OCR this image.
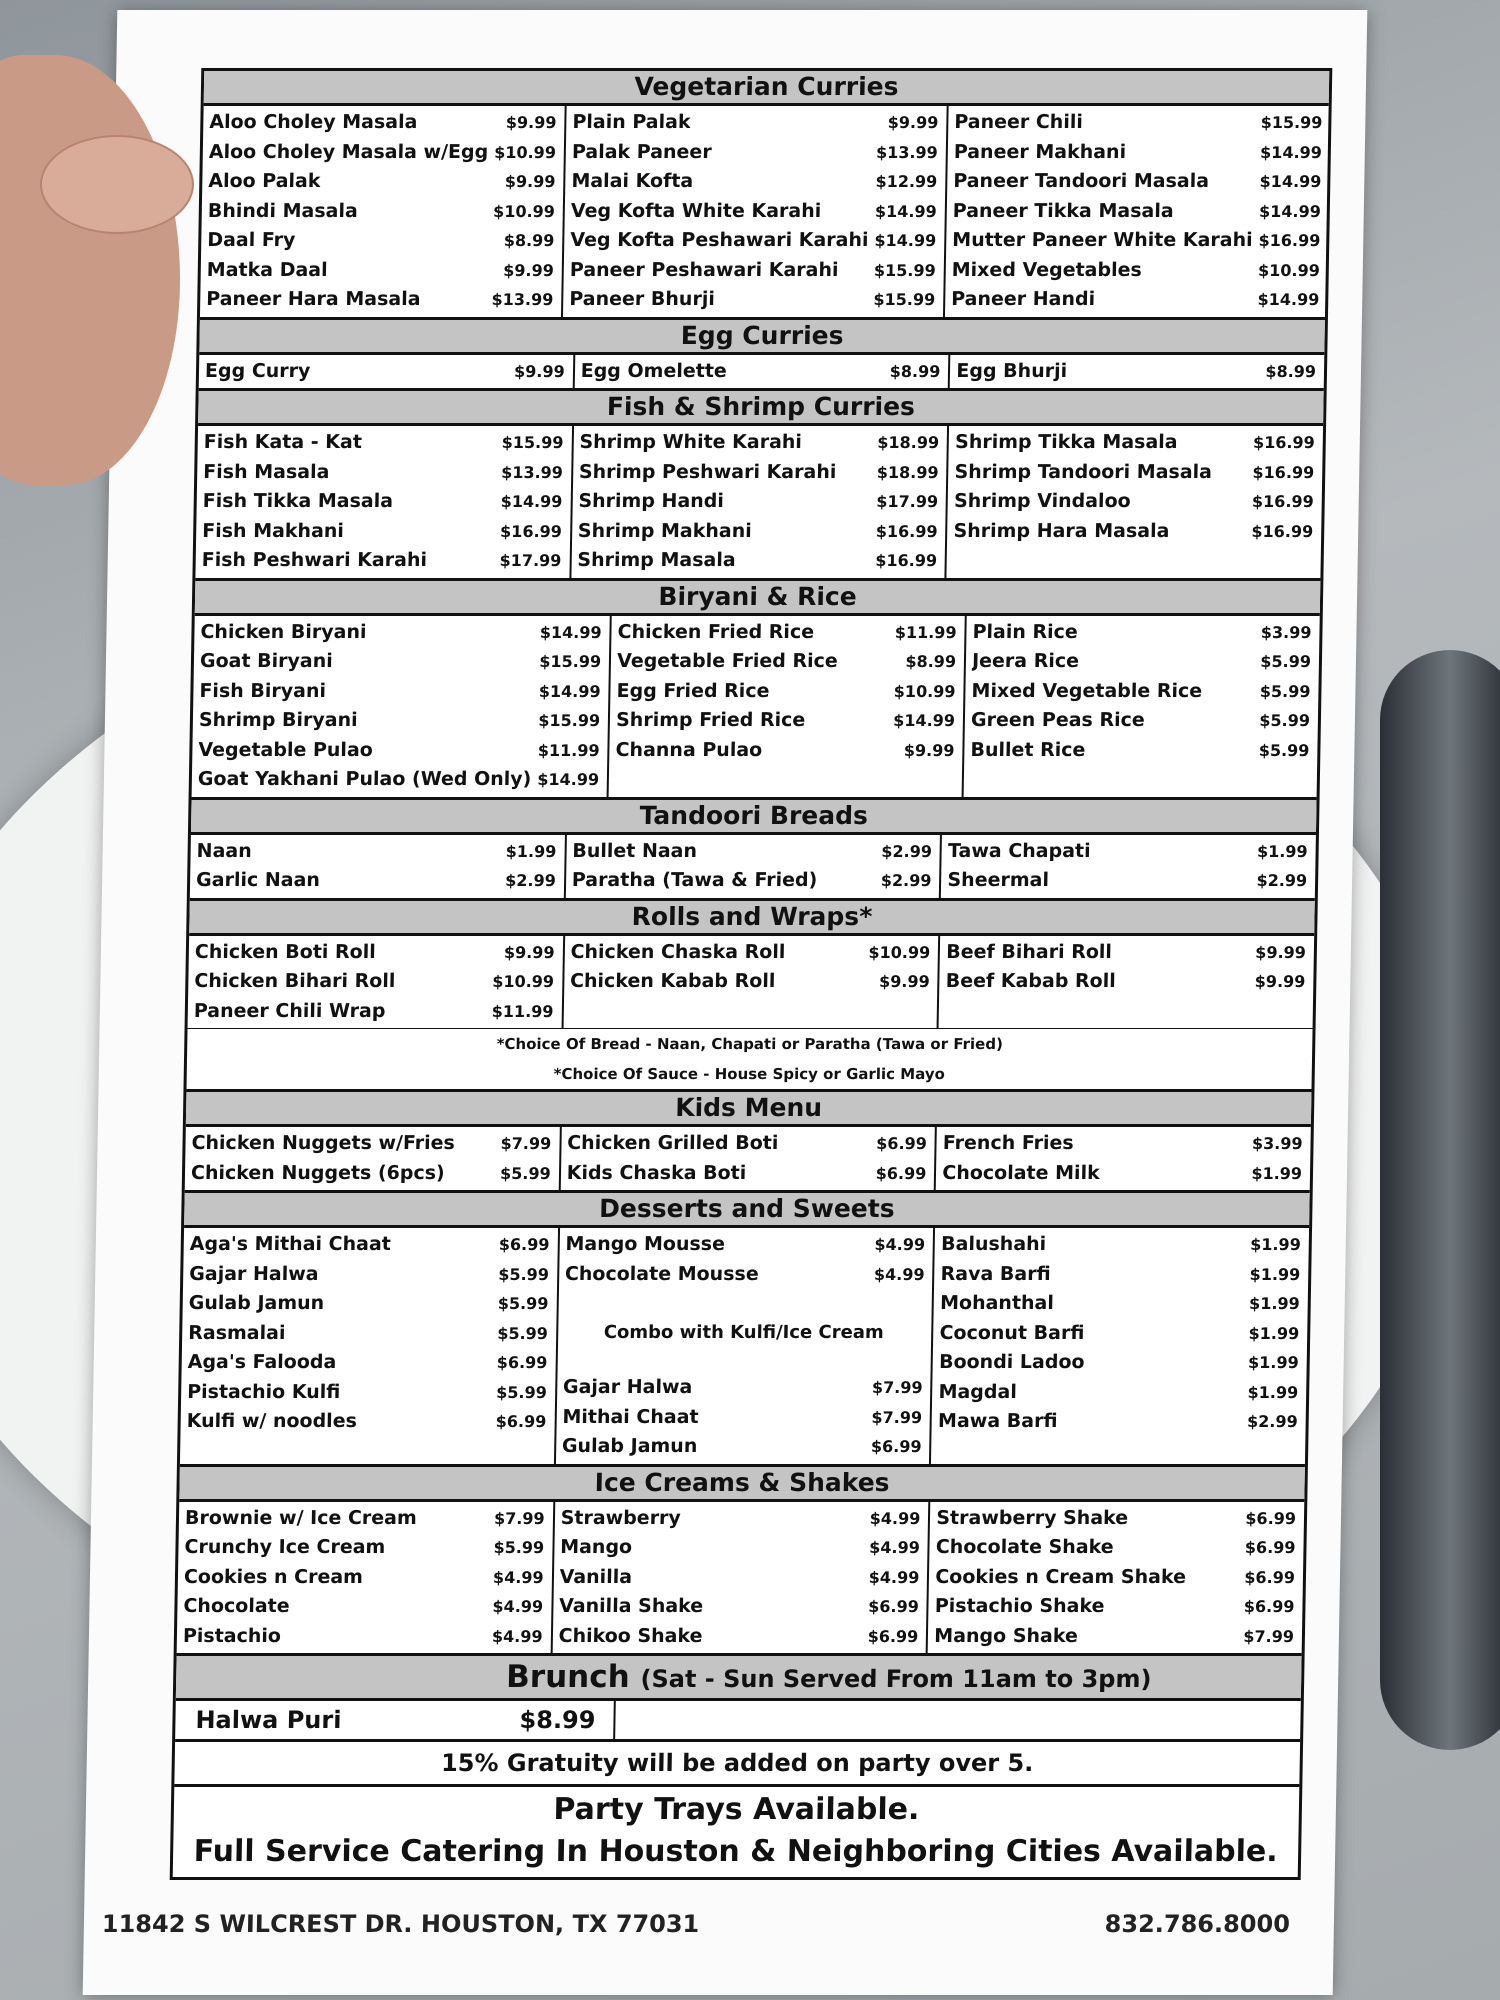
Vegetarian Curries
Aloo Choley Masala	$9.99
Aloo Choley Masala w/Egg $10.99
Aloo Palak	$9.99
Bhindi Masala	$10.99
Daal Fry	$8.99
Matka Daal	$9.99
Paneer Hara Masala	$13.99
Plain Palak	$9.99
Palak Paneer	$13.99
Malai Kofta	$12.99
Veg Kofta White Karahi	$14.99
Veg Kofta Peshawari Karahi $14.99
Paneer Peshawari Karahi $15.99
Paneer Bhurji	$15.99
Paneer Chili	$15.99
Paneer Makhani	$14.99
Paneer Tandoori Masala	$14.99
Paneer Tikka Masala	$14.99
Mutter Paneer White Karahi $16.99
Mixed Vegetables	$10.99
Paneer Handi	$14.99
Egg Curries
Egg Curry	$9.99 Egg Omelette	$8.99 Egg Bhurji	$8.99
Fish & Shrimp Curries
Fish Kata - Kat	$15.99
Fish Masala	$13.99
Fish Tikka Masala	$14.99
Fish Makhani	$16.99
Fish Peshwari Karahi	$17.99
Shrimp White Karahi	$18.99
Shrimp Peshwari Karahi	$18.99
Shrimp Handi	$17.99
Shrimp Makhani	$16.99
Shrimp Masala	$16.99
Shrimp Tikka Masala	$16.99
Shrimp Tandoori Masala	$16.99
Shrimp Vindaloo	$16.99
Shrimp Hara Masala	$16.99
Biryani & Rice
Chicken Biryani	$14.99
Goat Biryani	$15.99
Fish Biryani	$14.99
Shrimp Biryani	$15.99
Vegetable Pulao	$11.99
Goat Yakhani Pulao (Wed Only) $14.99
Chicken Fried Rice	$11.99
Vegetable Fried Rice	$8.99
Egg Fried Rice	$10.99
Shrimp Fried Rice	$14.99
Channa Pulao	$9.99
Plain Rice	$3.99
Jeera Rice	$5.99
Mixed Vegetable Rice	$5.99
Green Peas Rice	$5.99
Bullet Rice	$5.99
Tandoori Breads
Naan	$1.99
Garlic Naan	$2.99
Bullet Naan	$2.99
Paratha (Tawa & Fried)	$2.99
Tawa Chapati	$1.99
Sheermal	$2.99
Rolls and Wraps*
Chicken Boti Roll	$9.99
Chicken Bihari Roll	$10.99
Paneer Chili Wrap	$11.99
Chicken Chaska Roll	$10.99
Chicken Kabab Roll	$9.99
Beef Bihari Roll	$9.99
Beef Kabab Roll	$9.99
*Choice Of Bread - Naan, Chapati or Paratha (Tawa or Fried)
*Choice Of Sauce - House Spicy or Garlic Mayo
Kids Menu
Chicken Nuggets w/Fries	$7.99
Chicken Nuggets (6pcs)	$5.99
Chicken Grilled Boti	$6.99
Kids Chaska Boti	$6.99
French Fries	$3.99
Chocolate Milk	$1.99
Desserts and Sweets
Aga's Mithai Chaat	$6.99
Gajar Halwa	$5.99
Gulab Jamun	$5.99
Rasmalai	$5.99
Aga's Falooda	$6.99
Pistachio Kulfi	$5.99
Kulfi w/ noodles	$6.99
Mango Mousse	$4.99
Chocolate Mousse	$4.99
Combo with Kulfi/Ice Cream
Gajar Halwa	$7.99
Mithai Chaat	$7.99
Gulab Jamun	$6.99
Balushahi	$1.99
Rava Barfi	$1.99
Mohanthal	$1.99
Coconut Barfi	$1.99
Boondi Ladoo	$1.99
Magdal	$1.99
Mawa Barfi	$2.99
Ice Creams & Shakes
Brownie w/ Ice Cream	$7.99
Crunchy Ice Cream	$5.99
Cookies n Cream	$4.99
Chocolate	$4.99
Pistachio	$4.99
Strawberry	$4.99
Mango	$4.99
Vanilla	$4.99
Vanilla Shake	$6.99
Chikoo Shake	$6.99
Strawberry Shake	$6.99
Chocolate Shake	$6.99
Cookies n Cream Shake	$6.99
Pistachio Shake	$6.99
Mango Shake	$7.99
Brunch (Sat - Sun Served From 11am to 3pm)
Halwa Puri	$8.99
15% Gratuity will be added on party over 5.
Party Trays Available.
Full Service Catering In Houston & Neighboring Cities Available.
11842 S WILCREST DR. HOUSTON, TX 77031	832.786.8000
